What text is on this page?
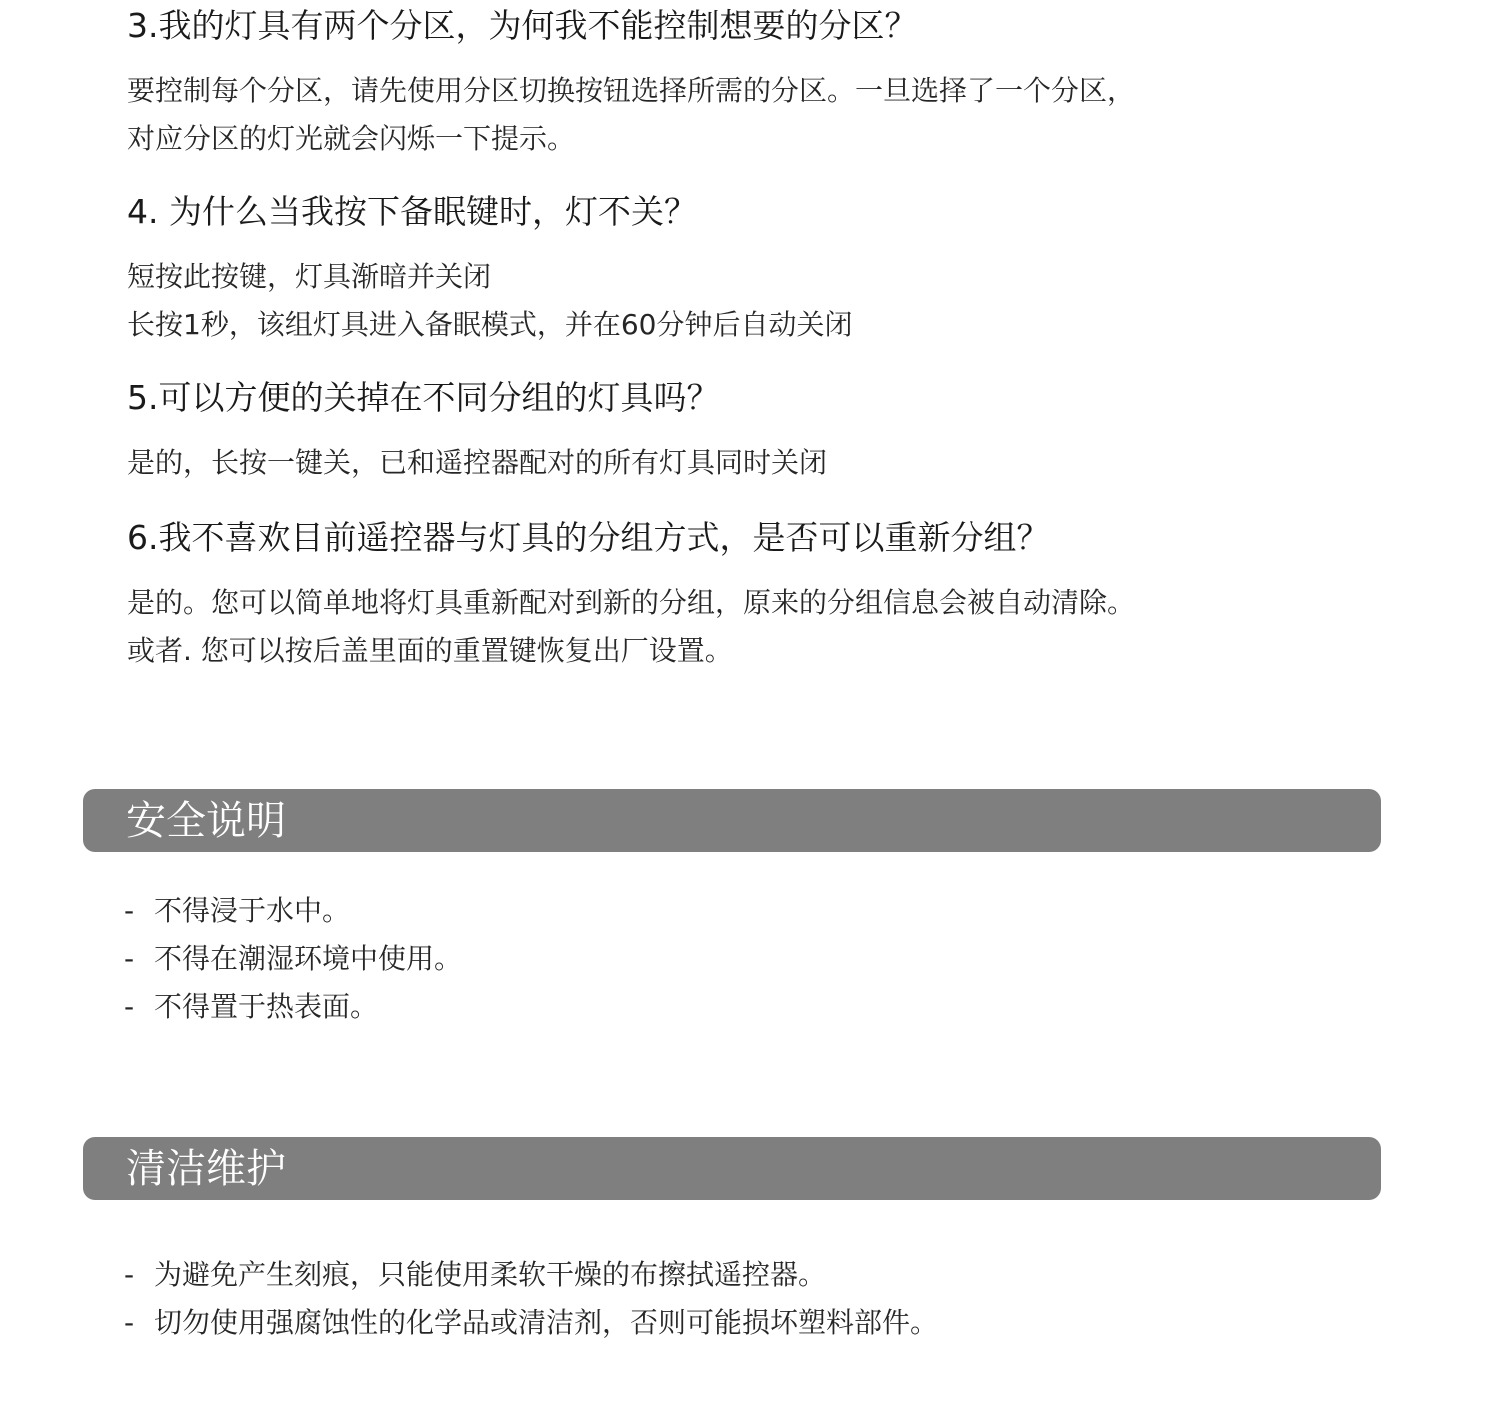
3.我的灯具有两个分区，为何我不能控制想要的分区？
要控制每个分区，请先使用分区切换按钮选择所需的分区。一旦选择了一个分区，
对应分区的灯光就会闪烁一下提示。
4. 为什么当我按下备眠键时，灯不关？
短按此按键，灯具渐暗并关闭
长按1秒，该组灯具进入备眠模式，并在60分钟后自动关闭
5.可以方便的关掉在不同分组的灯具吗？
是的，长按一键关，已和遥控器配对的所有灯具同时关闭
6.我不喜欢目前遥控器与灯具的分组方式，是否可以重新分组？
是的。您可以简单地将灯具重新配对到新的分组，原来的分组信息会被自动清除。
或者. 您可以按后盖里面的重置键恢复出厂设置。
安全说明
- 不得浸于水中。
- 不得在潮湿环境中使用。
- 不得置于热表面。
清洁维护
- 为避免产生刻痕，只能使用柔软干燥的布擦拭遥控器。
- 切勿使用强腐蚀性的化学品或清洁剂，否则可能损坏塑料部件。
